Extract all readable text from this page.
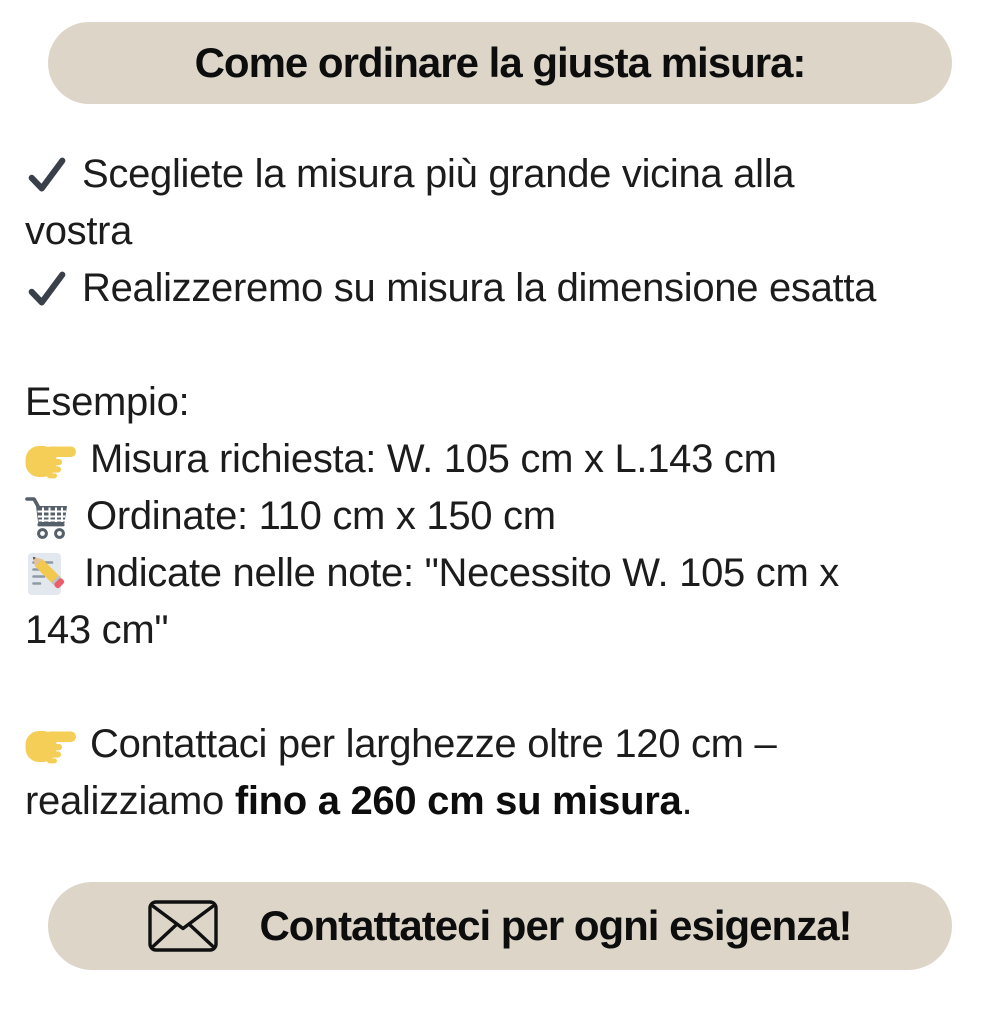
Come ordinare la giusta misura:
Scegliete la misura più grande vicina alla
vostra
Realizzeremo su misura la dimensione esatta
Esempio:
Misura richiesta: W. 105 cm x L.143 cm
Ordinate: 110 cm x 150 cm
Indicate nelle note: "Necessito W. 105 cm x
143 cm"
Contattaci per larghezze oltre 120 cm –
realizziamo fino a 260 cm su misura .
Contattateci per ogni esigenza!
